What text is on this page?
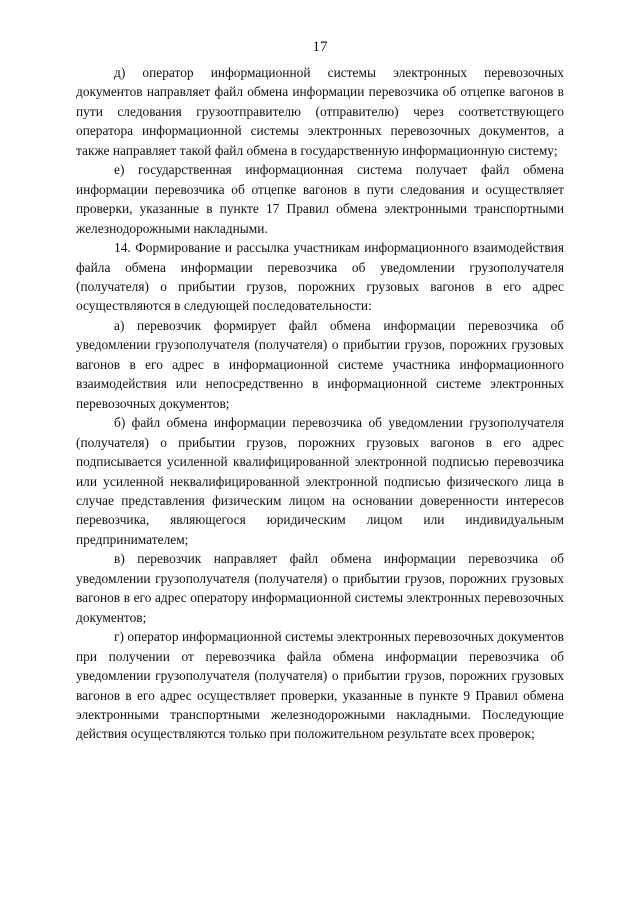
17

д) оператор информационной системы электронных перевозочных документов направляет файл обмена информации перевозчика об отцепке вагонов в пути следования грузоотправителю (отправителю) через соответствующего оператора информационной системы электронных перевозочных документов, а также направляет такой файл обмена в государственную информационную систему;

е) государственная информационная система получает файл обмена информации перевозчика об отцепке вагонов в пути следования и осуществляет проверки, указанные в пункте 17 Правил обмена электронными транспортными железнодорожными накладными.

14. Формирование и рассылка участникам информационного взаимодействия файла обмена информации перевозчика об уведомлении грузополучателя (получателя) о прибытии грузов, порожних грузовых вагонов в его адрес осуществляются в следующей последовательности:

а) перевозчик формирует файл обмена информации перевозчика об уведомлении грузополучателя (получателя) о прибытии грузов, порожних грузовых вагонов в его адрес в информационной системе участника информационного взаимодействия или непосредственно в информационной системе электронных перевозочных документов;

б) файл обмена информации перевозчика об уведомлении грузополучателя (получателя) о прибытии грузов, порожних грузовых вагонов в его адрес подписывается усиленной квалифицированной электронной подписью перевозчика или усиленной неквалифицированной электронной подписью физического лица в случае представления физическим лицом на основании доверенности интересов перевозчика, являющегося юридическим лицом или индивидуальным предпринимателем;

в) перевозчик направляет файл обмена информации перевозчика об уведомлении грузополучателя (получателя) о прибытии грузов, порожних грузовых вагонов в его адрес оператору информационной системы электронных перевозочных документов;

г) оператор информационной системы электронных перевозочных документов при получении от перевозчика файла обмена информации перевозчика об уведомлении грузополучателя (получателя) о прибытии грузов, порожних грузовых вагонов в его адрес осуществляет проверки, указанные в пункте 9 Правил обмена электронными транспортными железнодорожными накладными. Последующие действия осуществляются только при положительном результате всех проверок;
